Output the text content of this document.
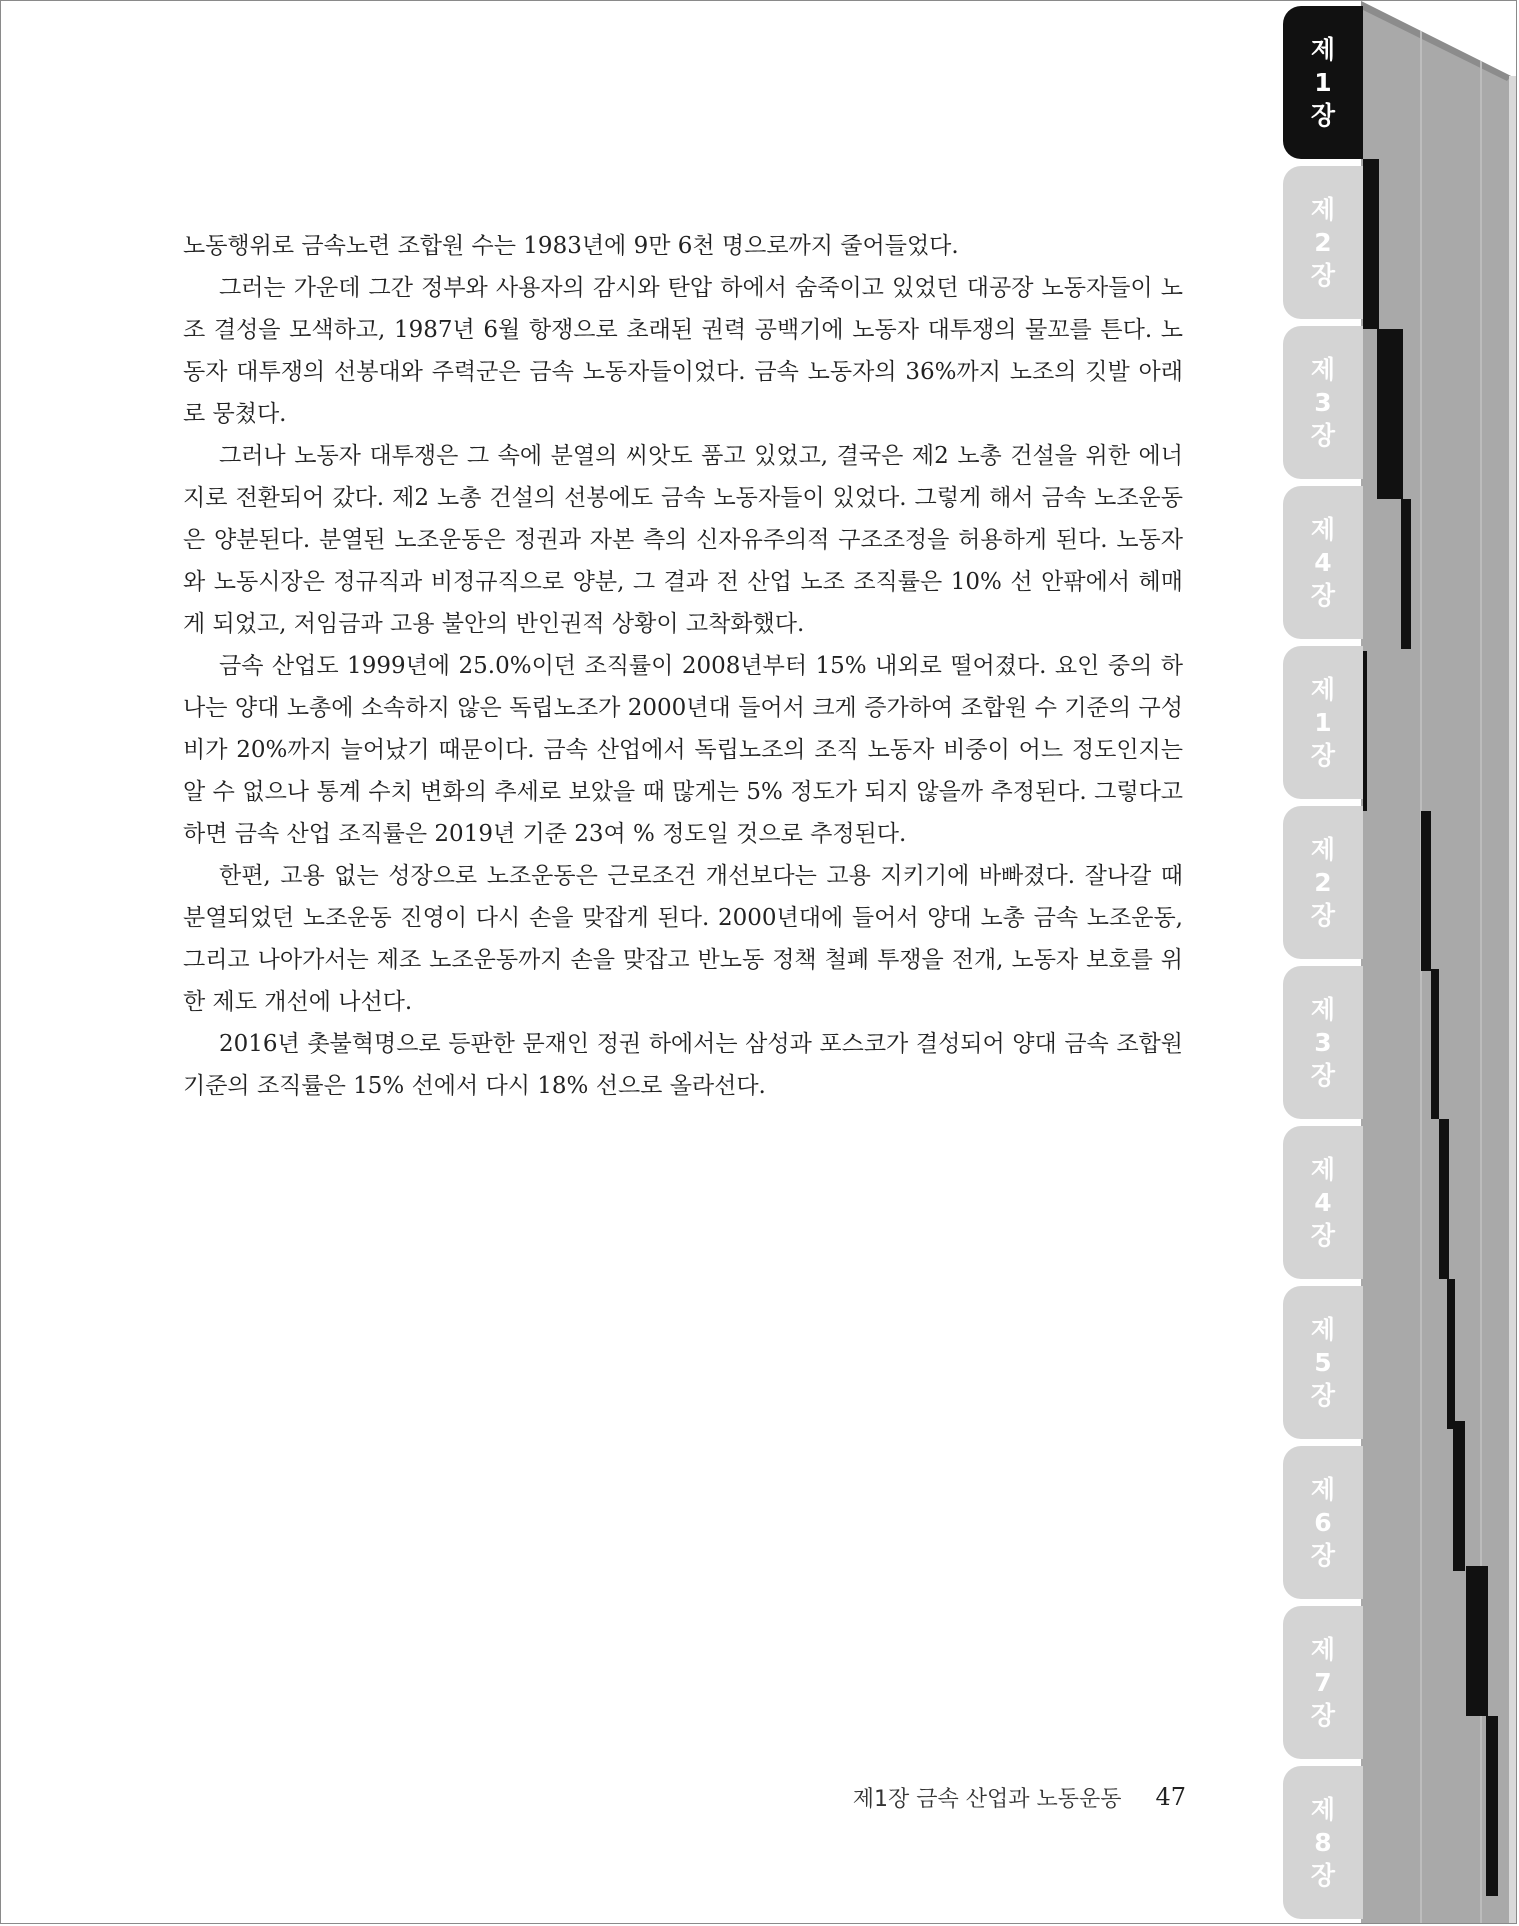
노동행위로 금속노련 조합원 수는 1983년에 9만 6천 명으로까지 줄어들었다.

그러는 가운데 그간 정부와 사용자의 감시와 탄압 하에서 숨죽이고 있었던 대공장 노동자들이 노조 결성을 모색하고, 1987년 6월 항쟁으로 초래된 권력 공백기에 노동자 대투쟁의 물꼬를 튼다. 노동자 대투쟁의 선봉대와 주력군은 금속 노동자들이었다. 금속 노동자의 36%까지 노조의 깃발 아래로 뭉쳤다.

그러나 노동자 대투쟁은 그 속에 분열의 씨앗도 품고 있었고, 결국은 제2 노총 건설을 위한 에너지로 전환되어 갔다. 제2 노총 건설의 선봉에도 금속 노동자들이 있었다. 그렇게 해서 금속 노조운동은 양분된다. 분열된 노조운동은 정권과 자본 측의 신자유주의적 구조조정을 허용하게 된다. 노동자와 노동시장은 정규직과 비정규직으로 양분, 그 결과 전 산업 노조 조직률은 10% 선 안팎에서 헤매게 되었고, 저임금과 고용 불안의 반인권적 상황이 고착화했다.

금속 산업도 1999년에 25.0%이던 조직률이 2008년부터 15% 내외로 떨어졌다. 요인 중의 하나는 양대 노총에 소속하지 않은 독립노조가 2000년대 들어서 크게 증가하여 조합원 수 기준의 구성비가 20%까지 늘어났기 때문이다. 금속 산업에서 독립노조의 조직 노동자 비중이 어느 정도인지는 알 수 없으나 통계 수치 변화의 추세로 보았을 때 많게는 5% 정도가 되지 않을까 추정된다. 그렇다고 하면 금속 산업 조직률은 2019년 기준 23여 % 정도일 것으로 추정된다.

한편, 고용 없는 성장으로 노조운동은 근로조건 개선보다는 고용 지키기에 바빠졌다. 잘나갈 때 분열되었던 노조운동 진영이 다시 손을 맞잡게 된다. 2000년대에 들어서 양대 노총 금속 노조운동, 그리고 나아가서는 제조 노조운동까지 손을 맞잡고 반노동 정책 철폐 투쟁을 전개, 노동자 보호를 위한 제도 개선에 나선다.

2016년 촛불혁명으로 등판한 문재인 정권 하에서는 삼성과 포스코가 결성되어 양대 금속 조합원 기준의 조직률은 15% 선에서 다시 18% 선으로 올라선다.

제1장 금속 산업과 노동운동 47
제
1
장
제
2
장
제
3
장
제
4
장
제
1
장
제
2
장
제
3
장
제
4
장
제
5
장
제
6
장
제
7
장
제
8
장
